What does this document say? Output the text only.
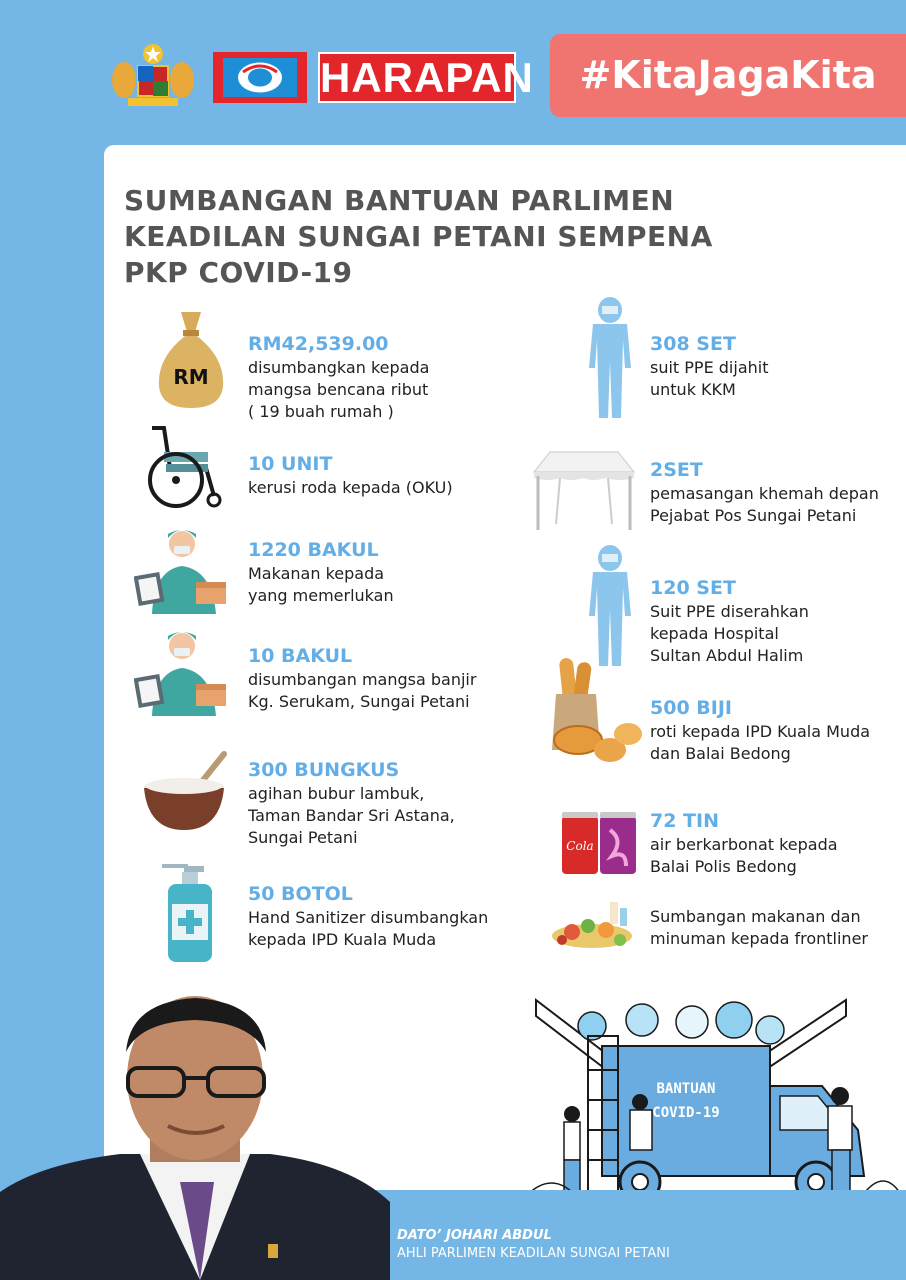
HARAPAN	#KitaJagaKita
SUMBANGAN BANTUAN PARLIMEN
KEADILAN SUNGAI PETANI SEMPENA
PKP COVID-19
RM
RM42,539.00
disumbangkan kepada
mangsa bencana ribut
( 19 buah rumah )
10 UNIT
kerusi roda kepada (OKU)
1220 BAKUL
Makanan kepada
yang memerlukan
10 BAKUL
disumbangan mangsa banjir
Kg. Serukam, Sungai Petani
300 BUNGKUS
agihan bubur lambuk,
Taman Bandar Sri Astana,
Sungai Petani
50 BOTOL
Hand Sanitizer disumbangkan
kepada IPD Kuala Muda
308 SET
suit PPE dijahit
untuk KKM
2SET
pemasangan khemah depan
Pejabat Pos Sungai Petani
120 SET
Suit PPE diserahkan
kepada Hospital
Sultan Abdul Halim
500 BIJI
roti kepada IPD Kuala Muda
dan Balai Bedong
Cola
72 TIN
air berkarbonat kepada
Balai Polis Bedong
Sumbangan makanan dan
minuman kepada frontliner
BANTUAN
COVID-19
DATO’ JOHARI ABDUL
AHLI PARLIMEN KEADILAN SUNGAI PETANI
